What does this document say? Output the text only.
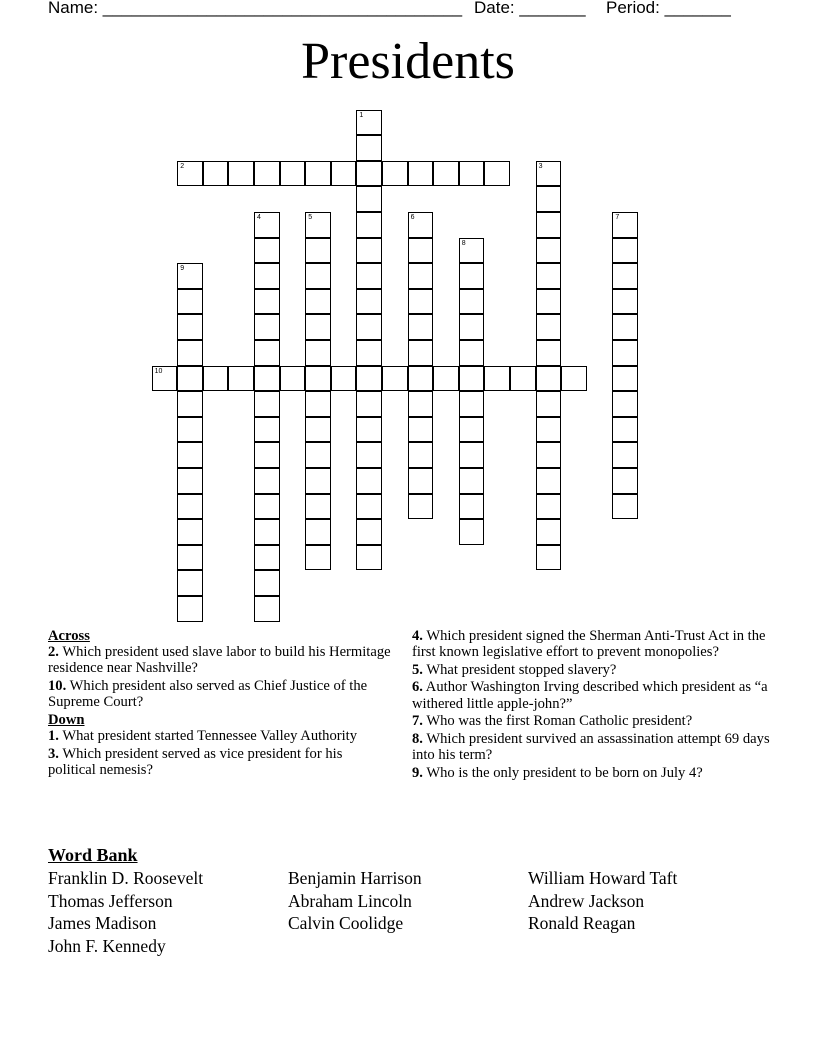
Name: ______________________________________ Date: _______ Period: _______
Presidents
1
2	3
4	5	6	7
8
9
10
Across
2. Which president used slave labor to build his Hermitage residence near Nashville?
10. Which president also served as Chief Justice of the Supreme Court?
Down
1. What president started Tennessee Valley Authority
3. Which president served as vice president for his political nemesis?
4. Which president signed the Sherman Anti-Trust Act in the first known legislative effort to prevent monopolies?
5. What president stopped slavery?
6. Author Washington Irving described which president as “a withered little apple-john?”
7. Who was the first Roman Catholic president?
8. Which president survived an assassination attempt 69 days into his term?
9. Who is the only president to be born on July 4?
Word Bank
Franklin D. Roosevelt
Thomas Jefferson
James Madison
John F. Kennedy
Benjamin Harrison
Abraham Lincoln
Calvin Coolidge
William Howard Taft
Andrew Jackson
Ronald Reagan
